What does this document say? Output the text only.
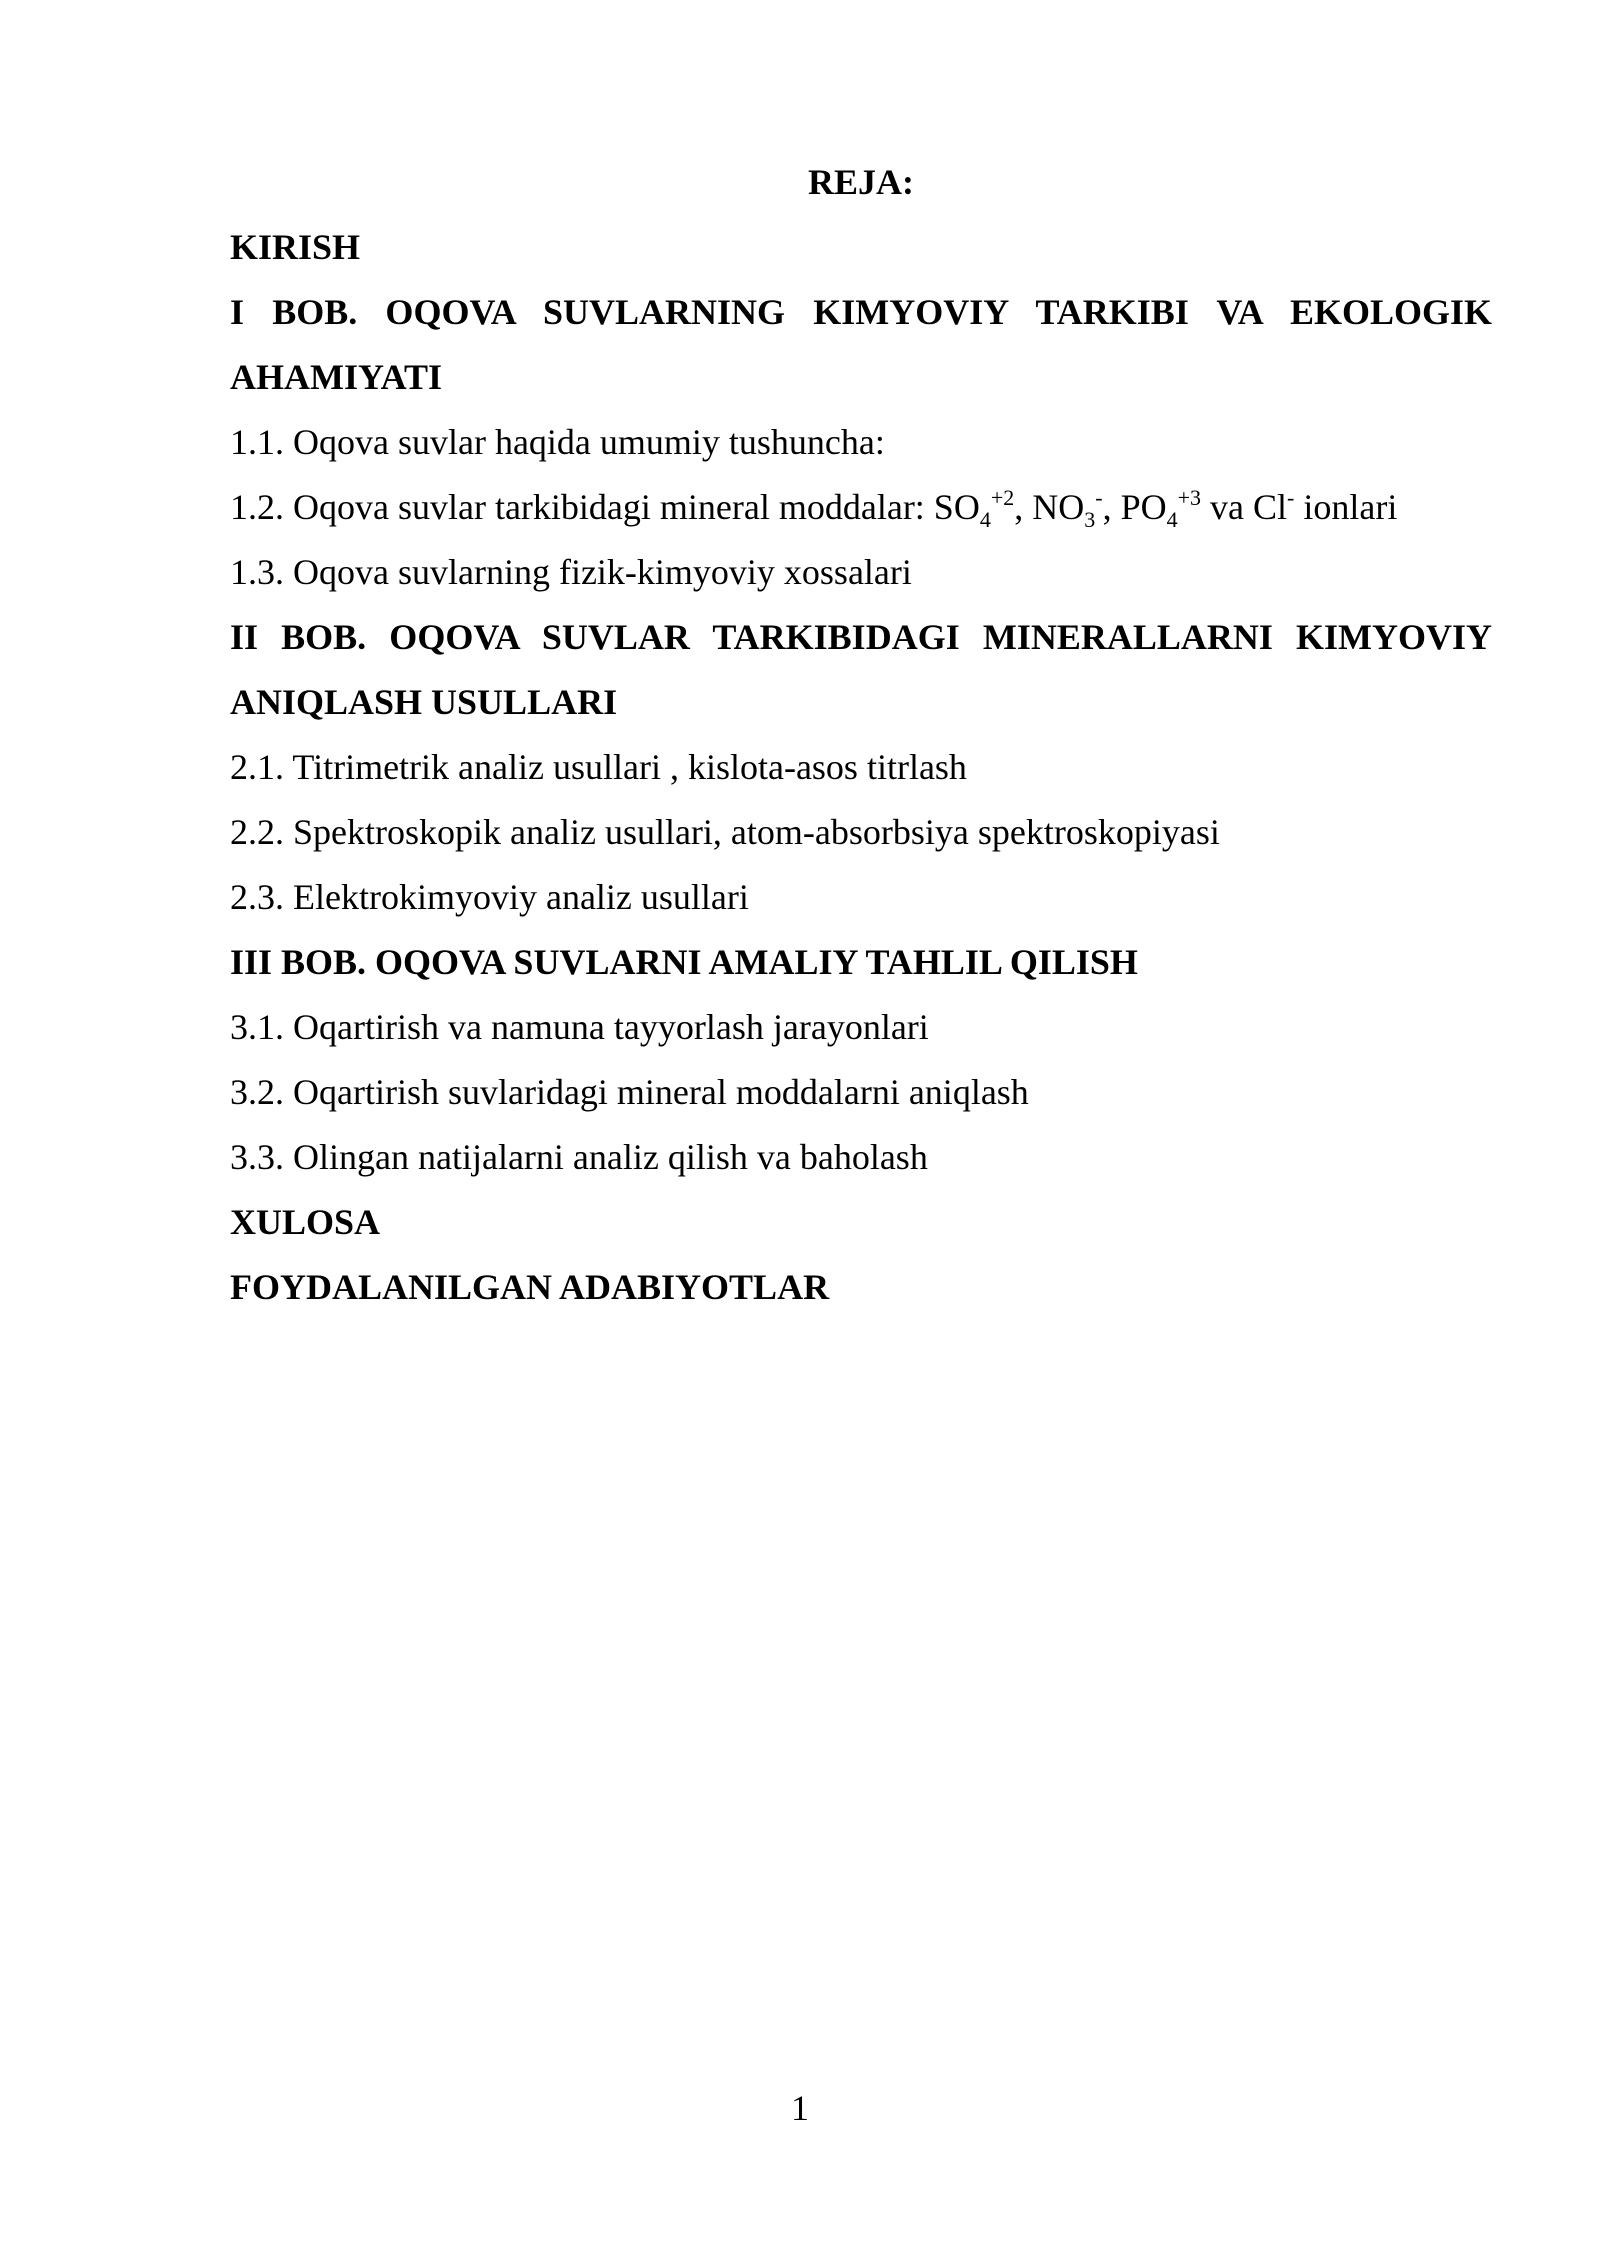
REJA:
KIRISH
I BOB. OQOVA SUVLARNING KIMYOVIY TARKIBI VA EKOLOGIK
AHAMIYATI
1.1. Oqova suvlar haqida umumiy tushuncha:
1.2. Oqova suvlar tarkibidagi mineral moddalar: $SO_4^{+2}$, $NO_3^-$, $PO_4^{+3}$ va Cl- ionlari
1.3. Oqova suvlarning fizik-kimyoviy xossalari
II BOB. OQOVA SUVLAR TARKIBIDAGI MINERALLARNI KIMYOVIY
ANIQLASH USULLARI
2.1. Titrimetrik analiz usullari , kislota-asos titrlash
2.2. Spektroskopik analiz usullari, atom-absorbsiya spektroskopiyasi
2.3. Elektrokimyoviy analiz usullari
III BOB. OQOVA SUVLARNI AMALIY TAHLIL QILISH
3.1. Oqartirish va namuna tayyorlash jarayonlari
3.2. Oqartirish suvlaridagi mineral moddalarni aniqlash
3.3. Olingan natijalarni analiz qilish va baholash
XULOSA
FOYDALANILGAN ADABIYOTLAR
1
